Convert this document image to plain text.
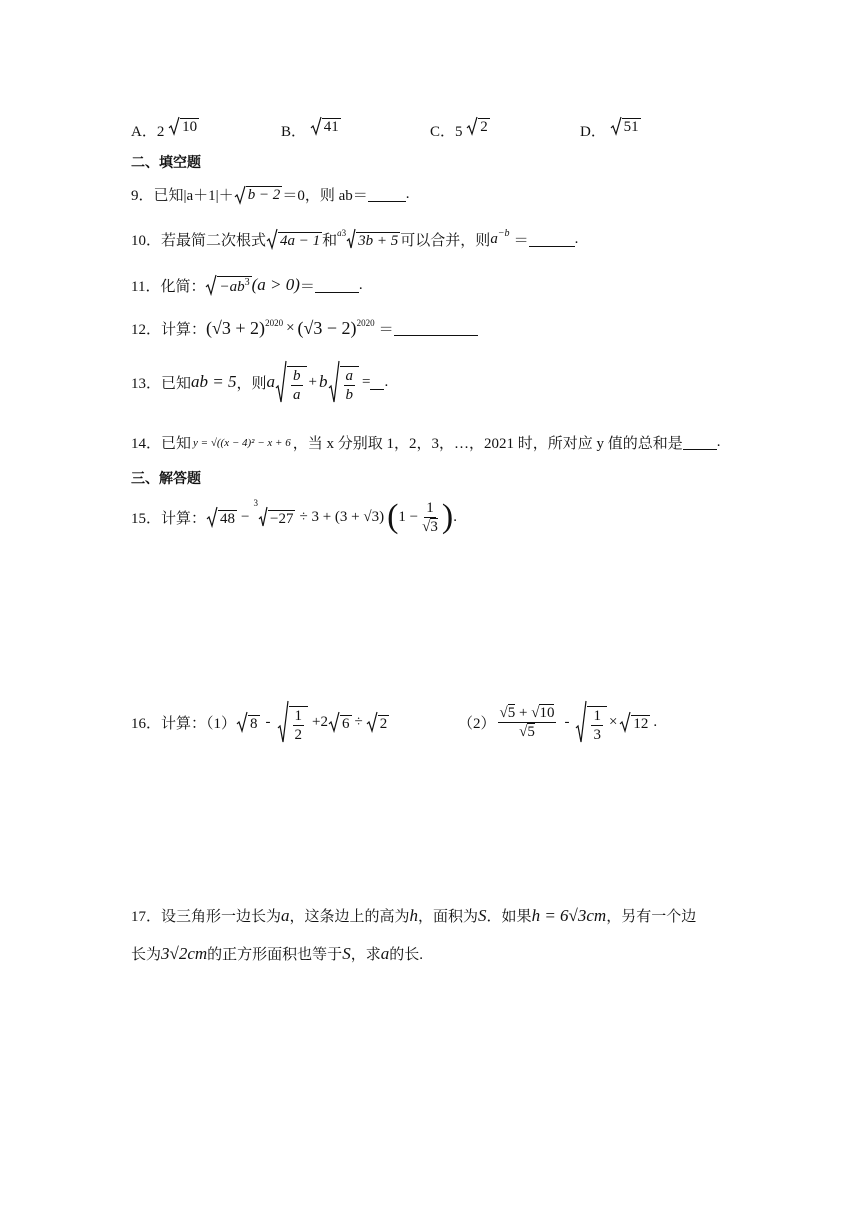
A．2 10	B． 41	C．5 2	D． 51
二、填空题
9． 已知|a＋1|＋ b − 2 ＝0，则 ab＝	.
10． 若最简二次根式 4a − 1 和 a 3 3b + 5 可以合并，则 $a^{-b}$ ＝	.
11． 化简： $-ab^3$ (a > 0) ＝	.
12． 计算： $(√3 + 2)^{2020} \times (√3 - 2)^{2020}$ ＝
13． 已知 ab = 5 ，则 a $\frac{b}{a} + b \frac{a}{b}$ = .
14． 已知 y = √((x − 4)² − x + 6 ，当 x 分别取 1，2，3，…，2021 时，所对应 y 值的总和是 .
三、解答题
15． 计算： 48 −
3
−27 ÷ 3 + (3 + √3) ( $1 - \frac{1}{√3}$ ) .
16． 计算：（1） $8 - \frac{1}{2} +2$ 6 ÷ 2	$(2) \frac{√5 + √10}{√5} - \frac{1}{3} \times 12$ .
17．设三角形一边长为 a ，这条边上的高为 h ，面积为 S ．如果 h = 6√3cm ，另有一个边
长为 3√2cm 的正方形面积也等于 S ，求 a 的长.
